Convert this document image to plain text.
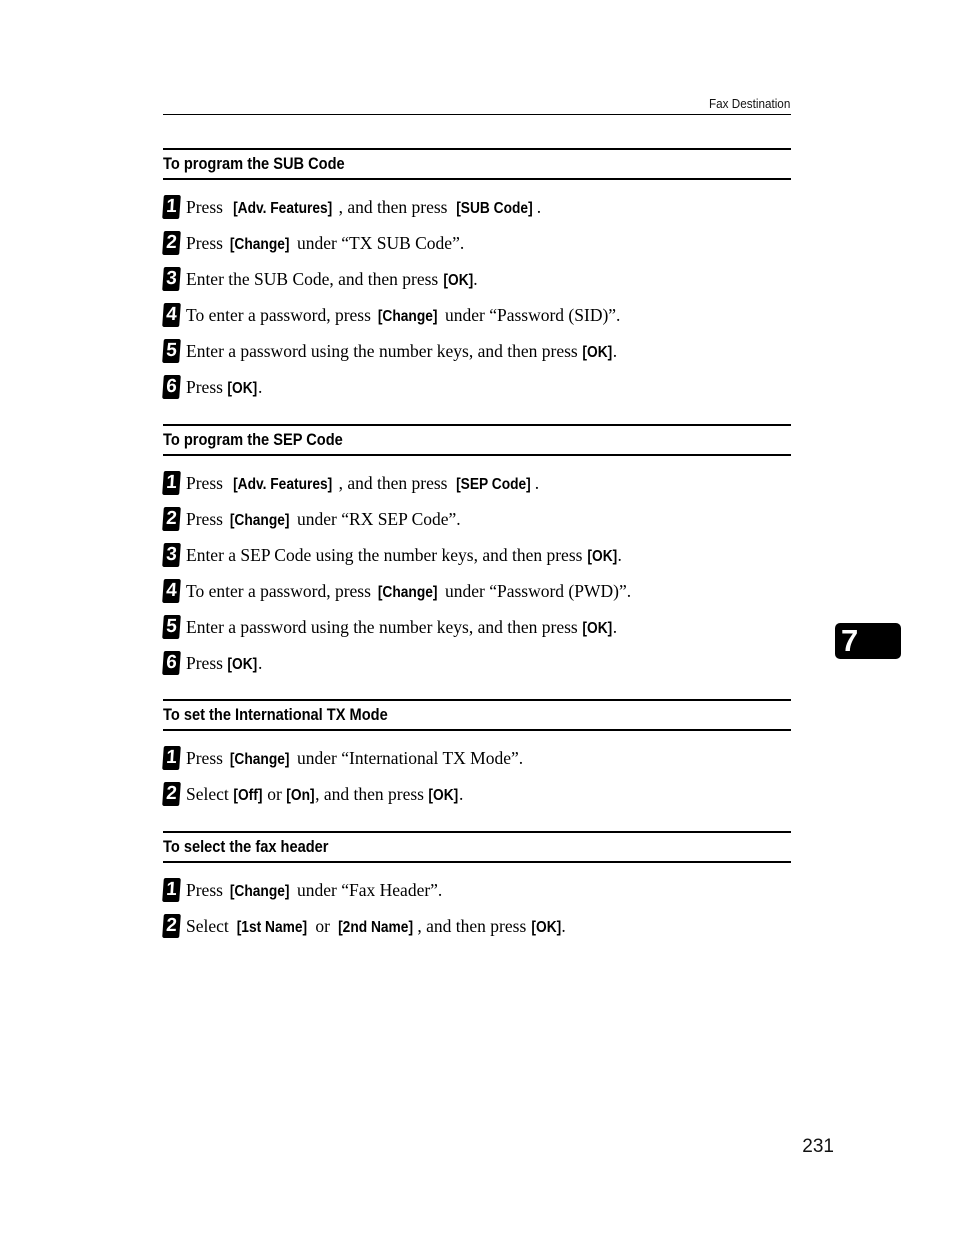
Fax Destination
To program the SUB Code
1 Press [Adv. Features] , and then press [SUB Code] .
2 Press [Change] under “TX SUB Code”.
3 Enter the SUB Code, and then press [OK].
4 To enter a password, press [Change] under “Password (SID)”.
5 Enter a password using the number keys, and then press [OK].
6 Press [OK].
To program the SEP Code
1 Press [Adv. Features] , and then press [SEP Code] .
2 Press [Change] under “RX SEP Code”.
3 Enter a SEP Code using the number keys, and then press [OK].
4 To enter a password, press [Change] under “Password (PWD)”.
5 Enter a password using the number keys, and then press [OK].
6 Press [OK].
To set the International TX Mode
1 Press [Change] under “International TX Mode”.
2 Select [Off] or [On], and then press [OK].
To select the fax header
1 Press [Change] under “Fax Header”.
2 Select [1st Name] or [2nd Name] , and then press [OK].
7
231
